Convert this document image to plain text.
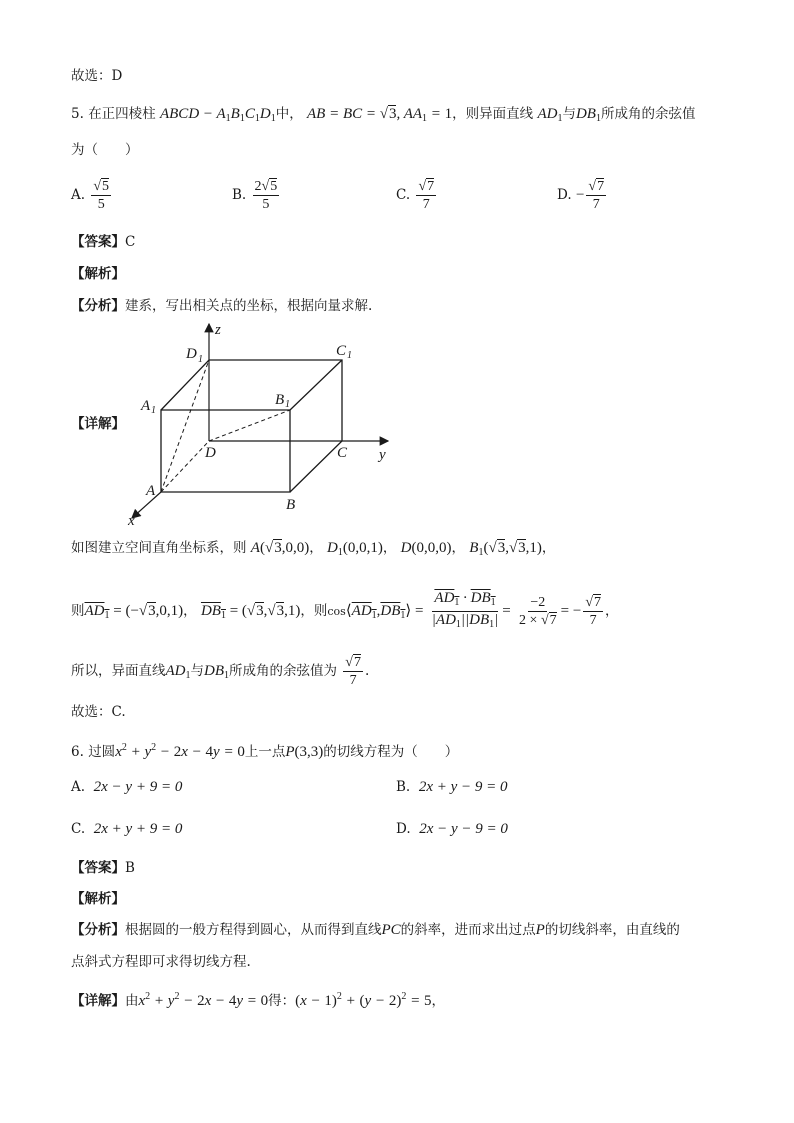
故选：D
5. 在正四棱柱 ABCD − $A_1B_1C_1D_1$中， AB = BC = √3, $AA_1 = 1$，则异面直线 $AD_1$与$DB_1$所成角的余弦值
为（　　）
A. $\frac{√5}{5}$	B. $\frac{2√5}{5}$	C. $\frac{√7}{7}$	D. − $\frac{√7}{7}$
【答案】C
【解析】
【分析】建系，写出相关点的坐标，根据向量求解.
【详解】
z
y
x
D 1
C 1
A 1
B 1
D	C
A
B
如图建立空间直角坐标系，则 A(√3,0,0)， $D_1(0,0,1)$， D(0,0,0)， $B_1(√3,√3,1)$，
则$AD_1 = (-√3,0,1)$， $DB_1 = (√3,√3,1)$，则$\cos⟨AD_1,DB_1⟩ = \frac{AD_1 \cdot DB_1}{|AD_1||DB_1|} = \frac{-2}{2 \times √7}$ = − $\frac{√7}{7}$ ，
所以，异面直线$AD_1$与$DB_1$所成角的余弦值为 $\frac{√7}{7}$ .
故选：C.
6. 过圆$x^2 + y^2 - 2x - 4y = 0$上一点P(3,3)的切线方程为（　　）
A. 2x − y + 9 = 0	B. 2x + y − 9 = 0
C. 2x + y + 9 = 0	D. 2x − y − 9 = 0
【答案】B
【解析】
【分析】根据圆的一般方程得到圆心，从而得到直线PC的斜率，进而求出过点P的切线斜率，由直线的
点斜式方程即可求得切线方程.
【详解】由$x^2 + y^2 - 2x - 4y = 0$得：$(x - 1)^2 + (y - 2)^2 = 5$，
